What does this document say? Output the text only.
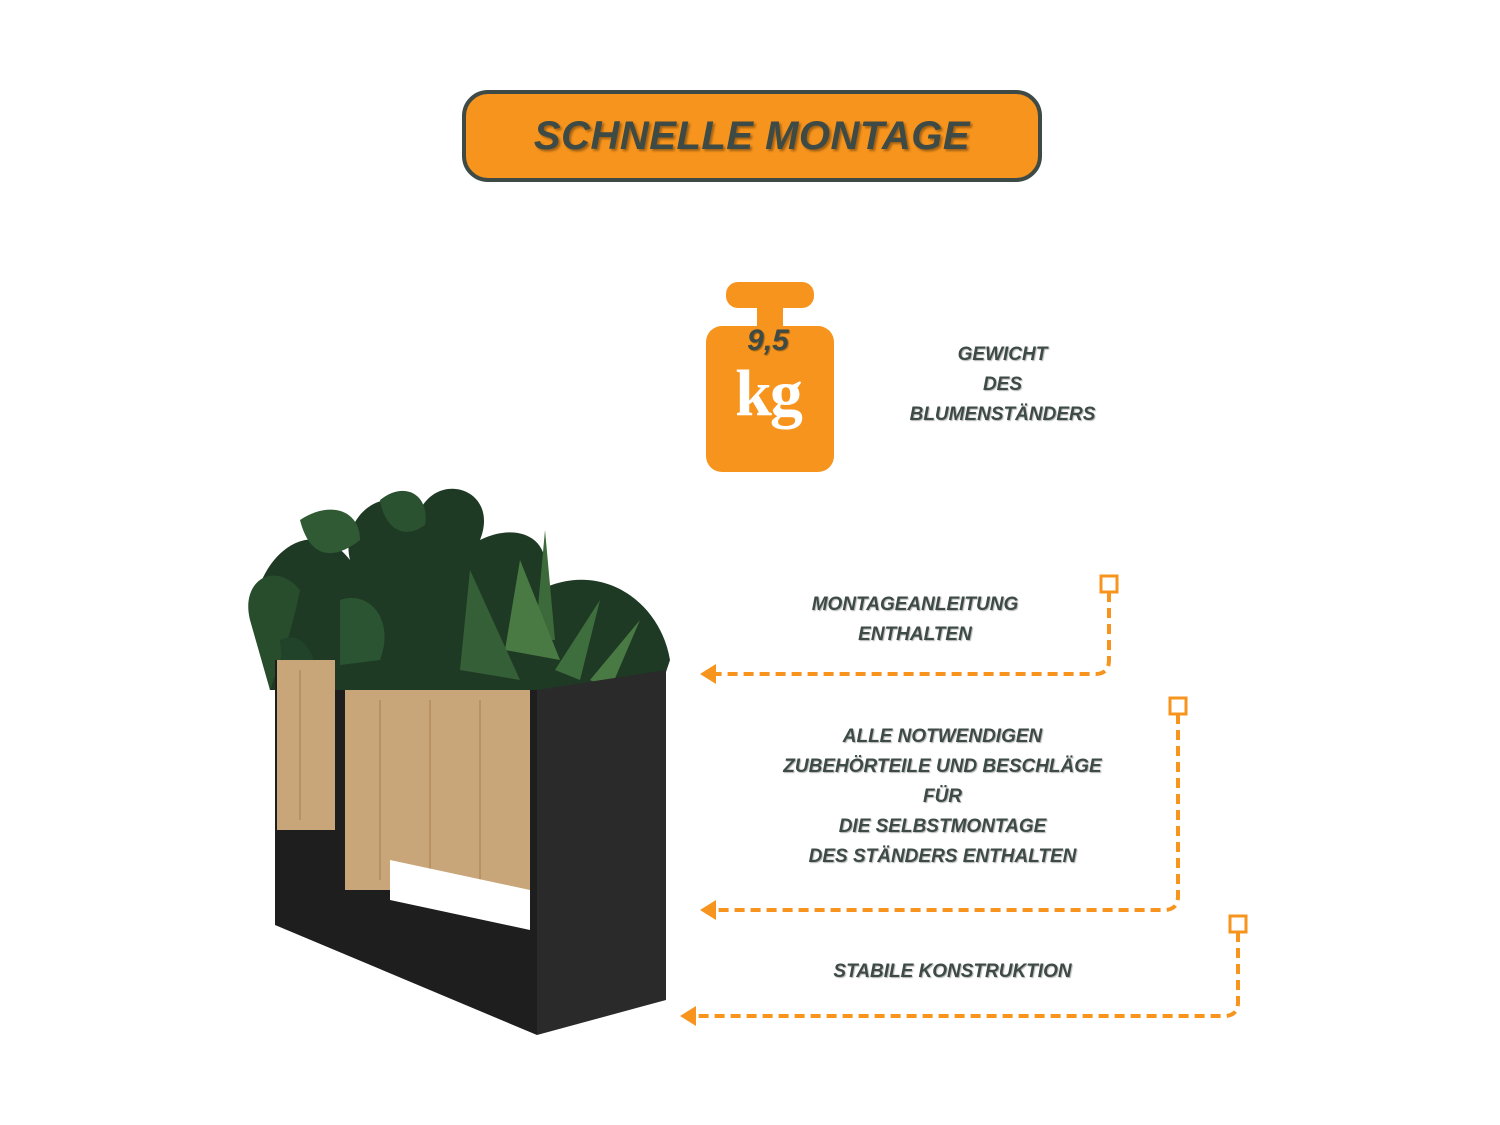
SCHNELLE MONTAGE
9,5
kg
GEWICHT
DES
BLUMENSTÄNDERS
MONTAGEANLEITUNG
ENTHALTEN
ALLE NOTWENDIGEN
ZUBEHÖRTEILE UND BESCHLÄGE
FÜR
DIE SELBSTMONTAGE
DES STÄNDERS ENTHALTEN
STABILE KONSTRUKTION
